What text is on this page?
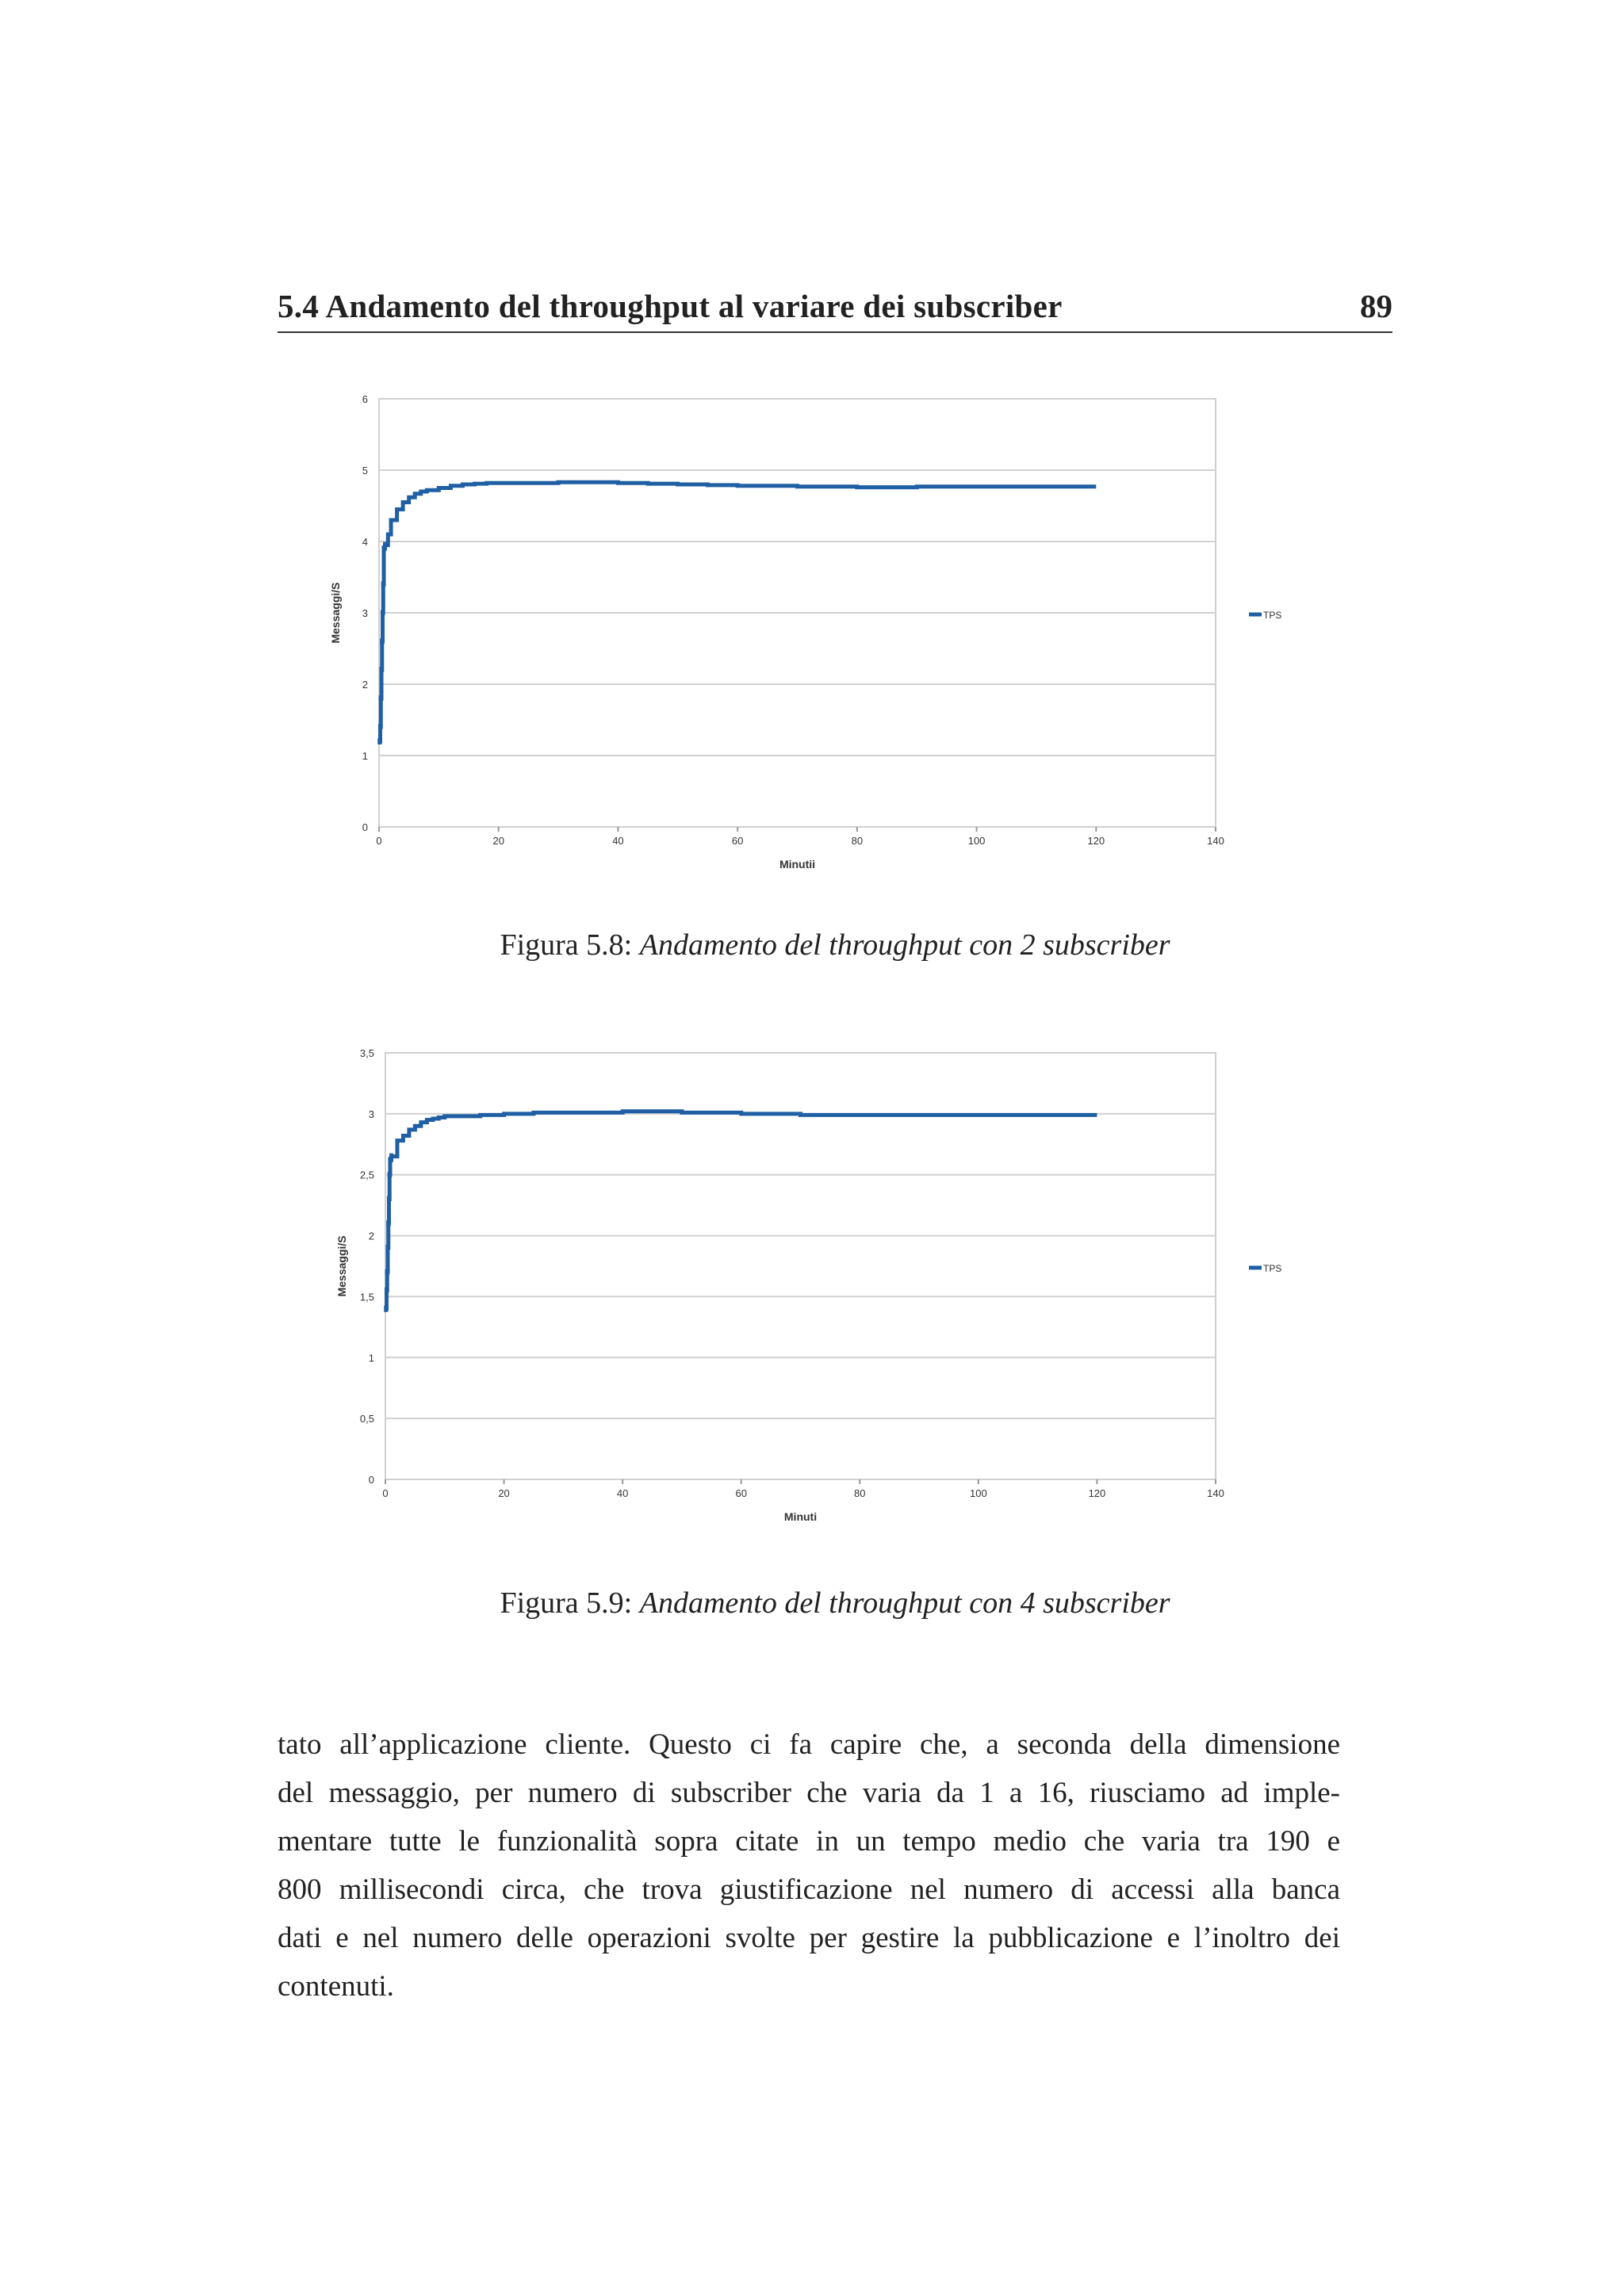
5.4 Andamento del throughput al variare dei subscriber	89
0
1
2
3
4
5
6
0	20	40	60	80	100	120	140
Minutii
Messaggi/S	TPS
Figura 5.8: Andamento del throughput con 2 subscriber
0
0,5
1
1,5
2
2,5
3
3,5
0	20	40	60	80	100	120	140
Minuti
Messaggi/S	TPS
Figura 5.9: Andamento del throughput con 4 subscriber
tato all’applicazione cliente. Questo ci fa capire che, a seconda della dimensione
del messaggio, per numero di subscriber che varia da 1 a 16, riusciamo ad imple-
mentare tutte le funzionalità sopra citate in un tempo medio che varia tra 190 e
800 millisecondi circa, che trova giustificazione nel numero di accessi alla banca
dati e nel numero delle operazioni svolte per gestire la pubblicazione e l’inoltro dei
contenuti.
